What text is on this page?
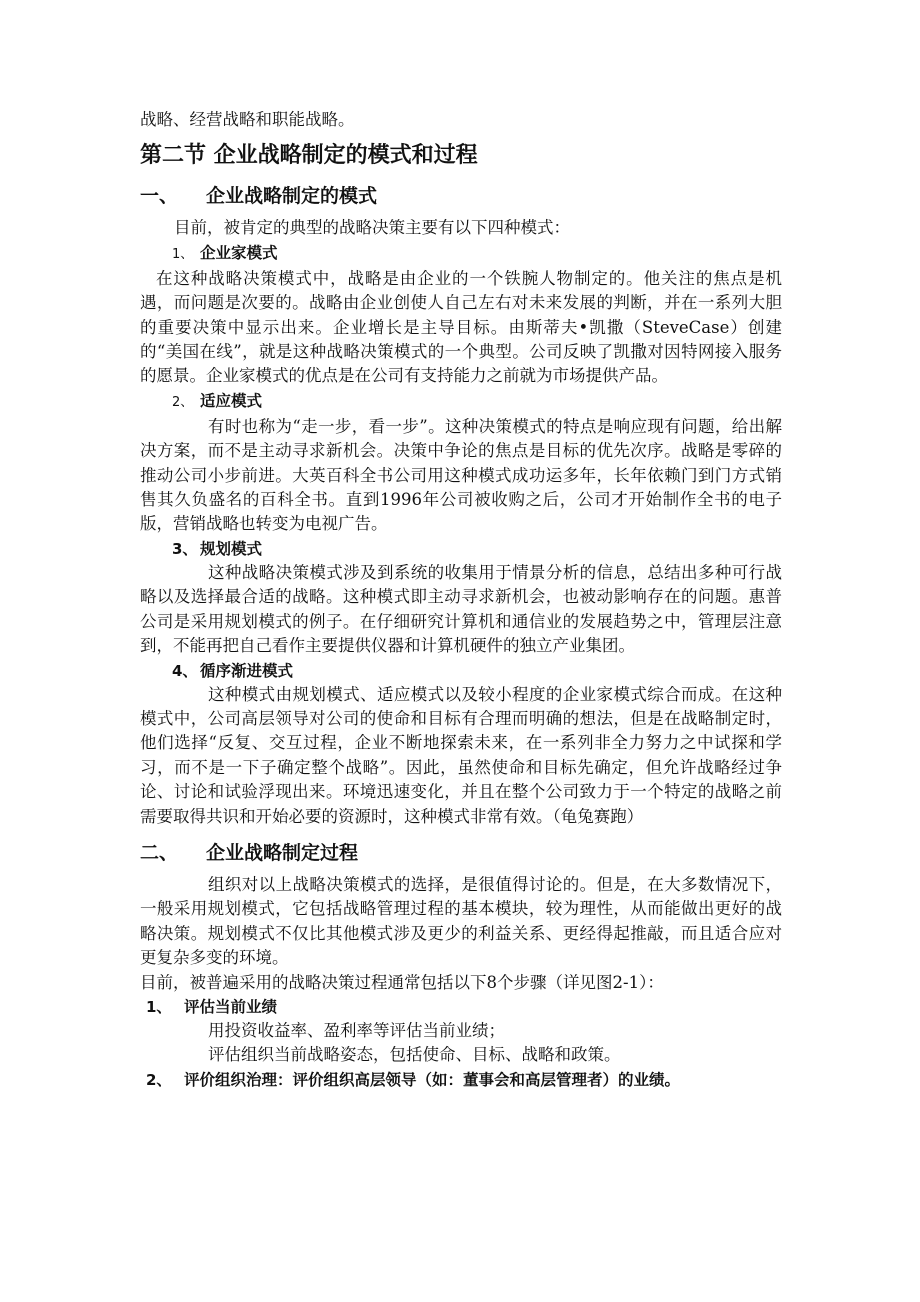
战略、经营战略和职能战略。

第二节 企业战略制定的模式和过程
一、 企业战略制定的模式

目前，被肯定的典型的战略决策主要有以下四种模式：

1、 企业家模式

在这种战略决策模式中，战略是由企业的一个铁腕人物制定的。他关注的焦点是机遇，而问题是次要的。战略由企业创使人自己左右对未来发展的判断，并在一系列大胆的重要决策中显示出来。企业增长是主导目标。由斯蒂夫•凯撒（SteveCase）创建的“美国在线”，就是这种战略决策模式的一个典型。公司反映了凯撒对因特网接入服务的愿景。企业家模式的优点是在公司有支持能力之前就为市场提供产品。

2、 适应模式

有时也称为“走一步，看一步”。这种决策模式的特点是响应现有问题，给出解决方案，而不是主动寻求新机会。决策中争论的焦点是目标的优先次序。战略是零碎的推动公司小步前进。大英百科全书公司用这种模式成功运多年，长年依赖门到门方式销售其久负盛名的百科全书。直到1996年公司被收购之后，公司才开始制作全书的电子版，营销战略也转变为电视广告。

3、 规划模式

这种战略决策模式涉及到系统的收集用于情景分析的信息，总结出多种可行战略以及选择最合适的战略。这种模式即主动寻求新机会，也被动影响存在的问题。惠普公司是采用规划模式的例子。在仔细研究计算机和通信业的发展趋势之中，管理层注意到，不能再把自己看作主要提供仪器和计算机硬件的独立产业集团。

4、 循序渐进模式

这种模式由规划模式、适应模式以及较小程度的企业家模式综合而成。在这种模式中，公司高层领导对公司的使命和目标有合理而明确的想法，但是在战略制定时，他们选择“反复、交互过程，企业不断地探索未来，在一系列非全力努力之中试探和学习，而不是一下子确定整个战略”。因此，虽然使命和目标先确定，但允许战略经过争论、讨论和试验浮现出来。环境迅速变化，并且在整个公司致力于一个特定的战略之前需要取得共识和开始必要的资源时，这种模式非常有效。（龟兔赛跑）

二、 企业战略制定过程

组织对以上战略决策模式的选择，是很值得讨论的。但是，在大多数情况下，一般采用规划模式，它包括战略管理过程的基本模块，较为理性，从而能做出更好的战略决策。规划模式不仅比其他模式涉及更少的利益关系、更经得起推敲，而且适合应对更复杂多变的环境。

目前，被普遍采用的战略决策过程通常包括以下8个步骤（详见图2-1）：

1、 评估当前业绩

用投资收益率、盈利率等评估当前业绩；

评估组织当前战略姿态，包括使命、目标、战略和政策。

2、 评价组织治理：评价组织高层领导（如：董事会和高层管理者）的业绩。
